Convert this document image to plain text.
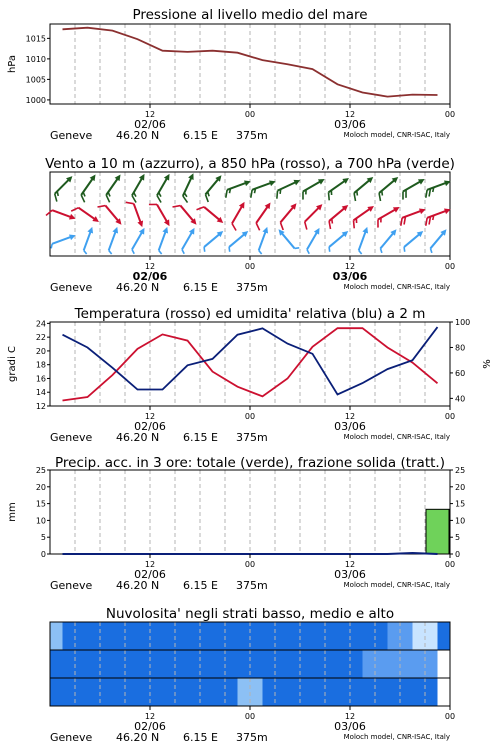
Pressione al livello medio del mare
1000
1005
1010
1015
hPa
12
02/06
00	12
03/06
00
Geneve 46.20 N 6.15 E 375m	Moloch model, CNR-ISAC, Italy
Vento a 10 m (azzurro), a 850 hPa (rosso), a 700 hPa (verde)
12
02/06
00	12
03/06
00
Geneve 46.20 N 6.15 E 375m	Moloch model, CNR-ISAC, Italy
Temperatura (rosso) ed umidita' relativa (blu) a 2 m
12
14
16
18
20
22
24
40
60
80
100
gradi C	%
12
02/06
00	12
03/06
00
Geneve 46.20 N 6.15 E 375m	Moloch model, CNR-ISAC, Italy
Precip. acc. in 3 ore: totale (verde), frazione solida (tratt.)
0
5
10
15
20
25
0
5
10
15
20
25
mm
12
02/06
00	12
03/06
00
Geneve 46.20 N 6.15 E 375m	Moloch model, CNR-ISAC, Italy
Nuvolosita' negli strati basso, medio e alto
12
02/06
00	12
03/06
00
Geneve 46.20 N 6.15 E 375m	Moloch model, CNR-ISAC, Italy
